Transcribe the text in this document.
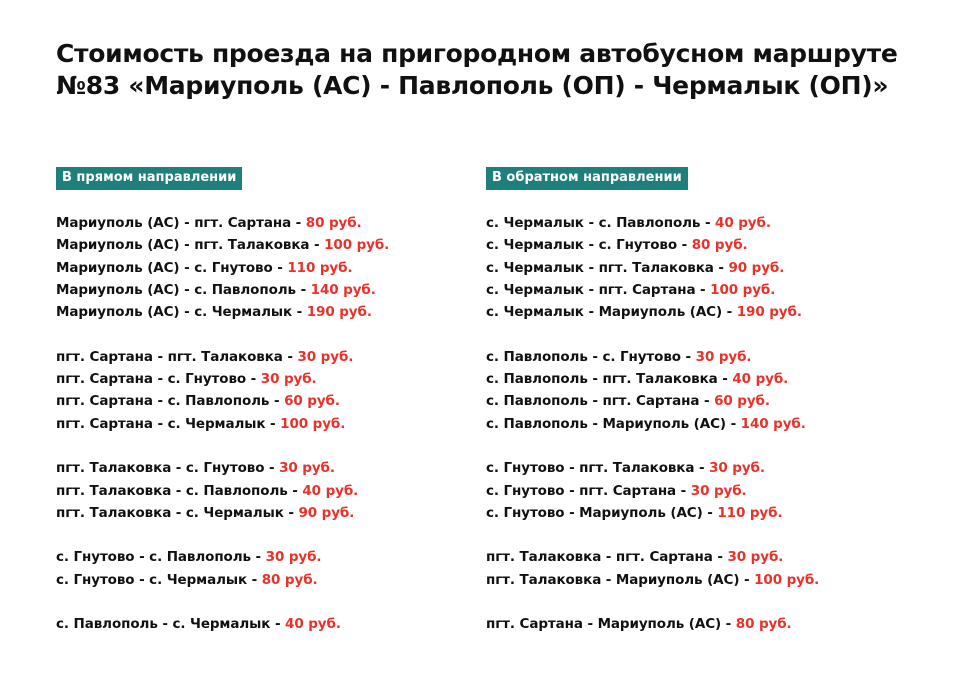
Стоимость проезда на пригородном автобусном маршруте №83 «Мариуполь (АС) - Павлополь (ОП) - Чермалык (ОП)»
В прямом направлении
Мариуполь (АС) - пгт. Сартана - 80 руб.
Мариуполь (АС) - пгт. Талаковка - 100 руб.
Мариуполь (АС) - с. Гнутово - 110 руб.
Мариуполь (АС) - с. Павлополь - 140 руб.
Мариуполь (АС) - с. Чермалык - 190 руб.
пгт. Сартана - пгт. Талаковка - 30 руб.
пгт. Сартана - с. Гнутово - 30 руб.
пгт. Сартана - с. Павлополь - 60 руб.
пгт. Сартана - с. Чермалык - 100 руб.
пгт. Талаковка - с. Гнутово - 30 руб.
пгт. Талаковка - с. Павлополь - 40 руб.
пгт. Талаковка - с. Чермалык - 90 руб.
с. Гнутово - с. Павлополь - 30 руб.
с. Гнутово - с. Чермалык - 80 руб.
с. Павлополь - с. Чермалык - 40 руб.
В обратном направлении
с. Чермалык - с. Павлополь - 40 руб.
с. Чермалык - с. Гнутово - 80 руб.
с. Чермалык - пгт. Талаковка - 90 руб.
с. Чермалык - пгт. Сартана - 100 руб.
с. Чермалык - Мариуполь (АС) - 190 руб.
с. Павлополь - с. Гнутово - 30 руб.
с. Павлополь - пгт. Талаковка - 40 руб.
с. Павлополь - пгт. Сартана - 60 руб.
с. Павлополь - Мариуполь (АС) - 140 руб.
с. Гнутово - пгт. Талаковка - 30 руб.
с. Гнутово - пгт. Сартана - 30 руб.
с. Гнутово - Мариуполь (АС) - 110 руб.
пгт. Талаковка - пгт. Сартана - 30 руб.
пгт. Талаковка - Мариуполь (АС) - 100 руб.
пгт. Сартана - Мариуполь (АС) - 80 руб.
